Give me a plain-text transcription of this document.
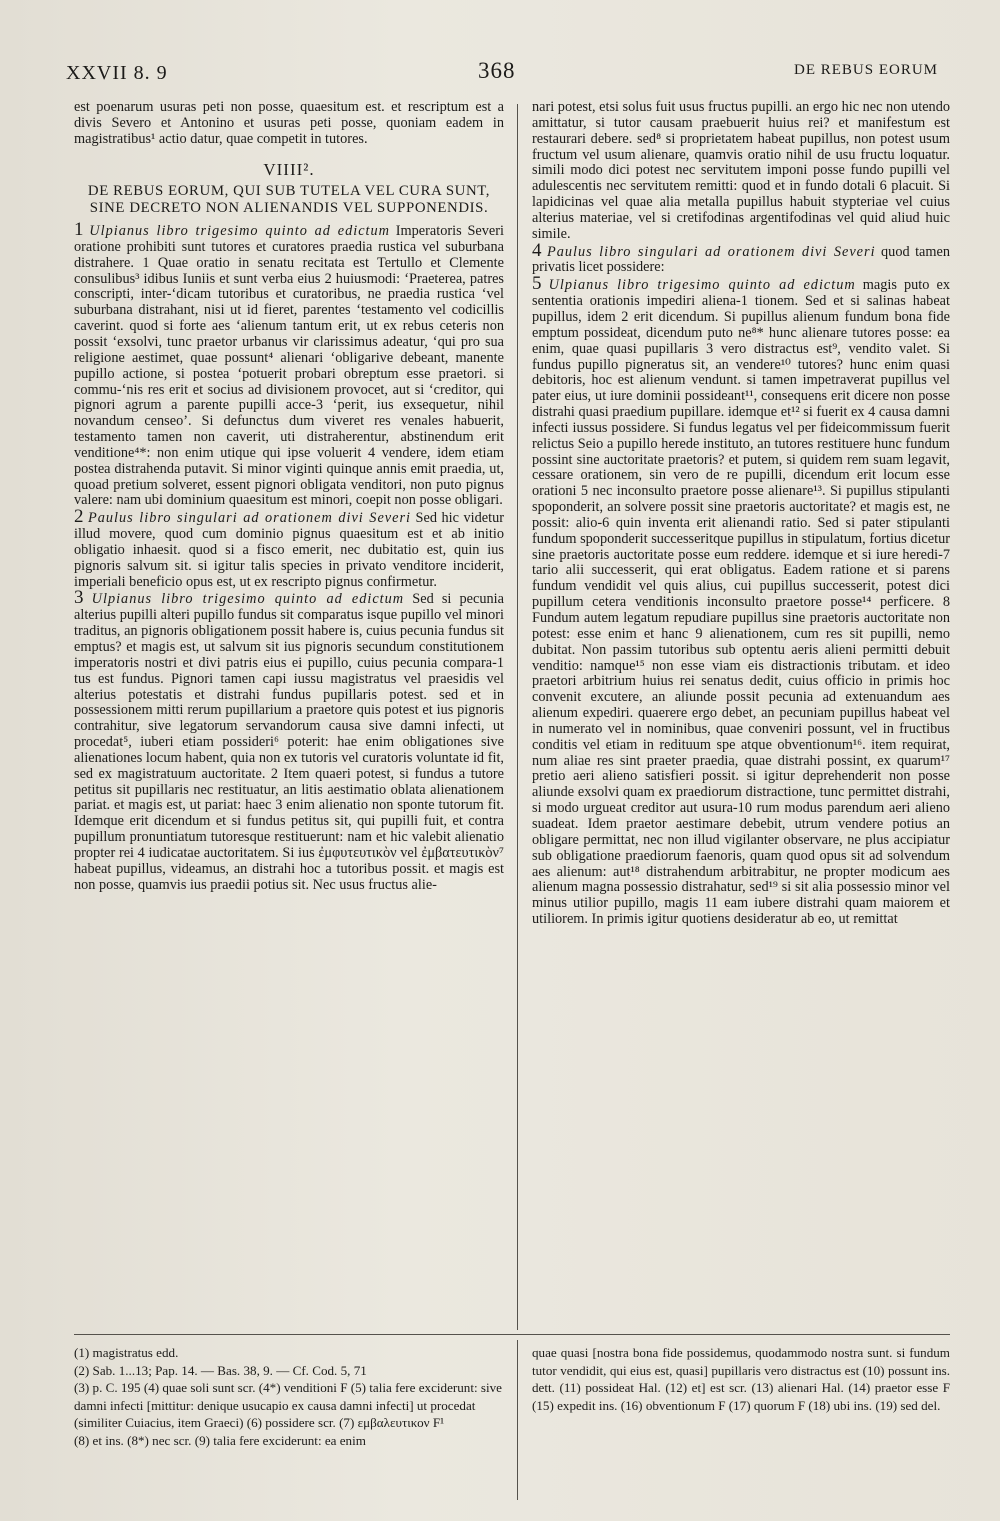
XXVII 8. 9	368	DE REBUS EORUM

est poenarum usuras peti non posse, quaesitum est. et rescriptum est a divis Severo et Antonino et usuras peti posse, quoniam eadem in magistratibus¹ actio datur, quae competit in tutores.

VIIII².
DE REBUS EORUM, QUI SUB TUTELA VEL CURA SUNT, SINE DECRETO NON ALIENANDIS VEL SUPPONENDIS.

1 Ulpianus libro trigesimo quinto ad edictum Imperatoris Severi oratione prohibiti sunt tutores et curatores praedia rustica vel suburbana distrahere. 1 Quae oratio in senatu recitata est Tertullo et Clemente consulibus³ idibus Iuniis et sunt verba eius 2 huiusmodi: ‘Praeterea, patres conscripti, inter-‘dicam tutoribus et curatoribus, ne praedia rustica ‘vel suburbana distrahant, nisi ut id fieret, parentes ‘testamento vel codicillis caverint. quod si forte aes ‘alienum tantum erit, ut ex rebus ceteris non possit ‘exsolvi, tunc praetor urbanus vir clarissimus adeatur, ‘qui pro sua religione aestimet, quae possunt⁴ alienari ‘obligarive debeant, manente pupillo actione, si postea ‘potuerit probari obreptum esse praetori. si commu-‘nis res erit et socius ad divisionem provocet, aut si ‘creditor, qui pignori agrum a parente pupilli acce-3 ‘perit, ius exsequetur, nihil novandum censeo’. Si defunctus dum viveret res venales habuerit, testamento tamen non caverit, uti distraherentur, abstinendum erit venditione⁴*: non enim utique qui ipse voluerit 4 vendere, idem etiam postea distrahenda putavit. Si minor viginti quinque annis emit praedia, ut, quoad pretium solveret, essent pignori obligata venditori, non puto pignus valere: nam ubi dominium quaesitum est minori, coepit non posse obligari.

2 Paulus libro singulari ad orationem divi Severi Sed hic videtur illud movere, quod cum dominio pignus quaesitum est et ab initio obligatio inhaesit. quod si a fisco emerit, nec dubitatio est, quin ius pignoris salvum sit. si igitur talis species in privato venditore inciderit, imperiali beneficio opus est, ut ex rescripto pignus confirmetur.

3 Ulpianus libro trigesimo quinto ad edictum Sed si pecunia alterius pupilli alteri pupillo fundus sit comparatus isque pupillo vel minori traditus, an pignoris obligationem possit habere is, cuius pecunia fundus sit emptus? et magis est, ut salvum sit ius pignoris secundum constitutionem imperatoris nostri et divi patris eius ei pupillo, cuius pecunia compara-1 tus est fundus. Pignori tamen capi iussu magistratus vel praesidis vel alterius potestatis et distrahi fundus pupillaris potest. sed et in possessionem mitti rerum pupillarium a praetore quis potest et ius pignoris contrahitur, sive legatorum servandorum causa sive damni infecti, ut procedat⁵, iuberi etiam possideri⁶ poterit: hae enim obligationes sive alienationes locum habent, quia non ex tutoris vel curatoris voluntate id fit, sed ex magistratuum auctoritate. 2 Item quaeri potest, si fundus a tutore petitus sit pupillaris nec restituatur, an litis aestimatio oblata alienationem pariat. et magis est, ut pariat: haec 3 enim alienatio non sponte tutorum fit. Idemque erit dicendum et si fundus petitus sit, qui pupilli fuit, et contra pupillum pronuntiatum tutoresque restituerunt: nam et hic valebit alienatio propter rei 4 iudicatae auctoritatem. Si ius ἐμφυτευτικὸν vel ἐμβατευτικὸν⁷ habeat pupillus, videamus, an distrahi hoc a tutoribus possit. et magis est non posse, quamvis ius praedii potius sit. Nec usus fructus alie-

nari potest, etsi solus fuit usus fructus pupilli. an ergo hic nec non utendo amittatur, si tutor causam praebuerit huius rei? et manifestum est restaurari debere. sed⁸ si proprietatem habeat pupillus, non potest usum fructum vel usum alienare, quamvis oratio nihil de usu fructu loquatur. simili modo dici potest nec servitutem imponi posse fundo pupilli vel adulescentis nec servitutem remitti: quod et in fundo dotali 6 placuit. Si lapidicinas vel quae alia metalla pupillus habuit stypteriae vel cuius alterius materiae, vel si cretifodinas argentifodinas vel quid aliud huic simile.

4 Paulus libro singulari ad orationem divi Severi quod tamen privatis licet possidere:

5 Ulpianus libro trigesimo quinto ad edictum magis puto ex sententia orationis impediri aliena-1 tionem. Sed et si salinas habeat pupillus, idem 2 erit dicendum. Si pupillus alienum fundum bona fide emptum possideat, dicendum puto ne⁸* hunc alienare tutores posse: ea enim, quae quasi pupillaris 3 vero distractus est⁹, vendito valet. Si fundus pupillo pigneratus sit, an vendere¹⁰ tutores? hunc enim quasi debitoris, hoc est alienum vendunt. si tamen impetraverat pupillus vel pater eius, ut iure dominii possideant¹¹, consequens erit dicere non posse distrahi quasi praedium pupillare. idemque et¹² si fuerit ex 4 causa damni infecti iussus possidere. Si fundus legatus vel per fideicommissum fuerit relictus Seio a pupillo herede instituto, an tutores restituere hunc fundum possint sine auctoritate praetoris? et putem, si quidem rem suam legavit, cessare orationem, sin vero de re pupilli, dicendum erit locum esse orationi 5 nec inconsulto praetore posse alienare¹³. Si pupillus stipulanti spoponderit, an solvere possit sine praetoris auctoritate? et magis est, ne possit: alio-6 quin inventa erit alienandi ratio. Sed si pater stipulanti fundum spoponderit successeritque pupillus in stipulatum, fortius dicetur sine praetoris auctoritate posse eum reddere. idemque et si iure heredi-7 tario alii successerit, qui erat obligatus. Eadem ratione et si parens fundum vendidit vel quis alius, cui pupillus successerit, potest dici pupillum cetera venditionis inconsulto praetore posse¹⁴ perficere. 8 Fundum autem legatum repudiare pupillus sine praetoris auctoritate non potest: esse enim et hanc 9 alienationem, cum res sit pupilli, nemo dubitat. Non passim tutoribus sub optentu aeris alieni permitti debuit venditio: namque¹⁵ non esse viam eis distractionis tributam. et ideo praetori arbitrium huius rei senatus dedit, cuius officio in primis hoc convenit excutere, an aliunde possit pecunia ad extenuandum aes alienum expediri. quaerere ergo debet, an pecuniam pupillus habeat vel in numerato vel in nominibus, quae conveniri possunt, vel in fructibus conditis vel etiam in redituum spe atque obventionum¹⁶. item requirat, num aliae res sint praeter praedia, quae distrahi possint, ex quarum¹⁷ pretio aeri alieno satisfieri possit. si igitur deprehenderit non posse aliunde exsolvi quam ex praediorum distractione, tunc permittet distrahi, si modo urgueat creditor aut usura-10 rum modus parendum aeri alieno suadeat. Idem praetor aestimare debebit, utrum vendere potius an obligare permittat, nec non illud vigilanter observare, ne plus accipiatur sub obligatione praediorum faenoris, quam quod opus sit ad solvendum aes alienum: aut¹⁸ distrahendum arbitrabitur, ne propter modicum aes alienum magna possessio distrahatur, sed¹⁹ si sit alia possessio minor vel minus utilior pupillo, magis 11 eam iubere distrahi quam maiorem et utiliorem. In primis igitur quotiens desideratur ab eo, ut remittat

(1) magistratus edd.

(2) Sab. 1...13; Pap. 14. — Bas. 38, 9. — Cf. Cod. 5, 71

(3) p. C. 195 (4) quae soli sunt scr. (4*) venditioni F (5) talia fere exciderunt: sive damni infecti [mittitur: denique usucapio ex causa damni infecti] ut procedat (similiter Cuiacius, item Graeci) (6) possidere scr. (7) εμβαλευτικον F¹

(8) et ins. (8*) nec scr. (9) talia fere exciderunt: ea enim

quae quasi [nostra bona fide possidemus, quodammodo nostra sunt. si fundum tutor vendidit, qui eius est, quasi] pupillaris vero distractus est (10) possunt ins. dett. (11) possideat Hal. (12) et] est scr. (13) alienari Hal. (14) praetor esse F (15) expedit ins. (16) obventionum F (17) quorum F (18) ubi ins. (19) sed del.
